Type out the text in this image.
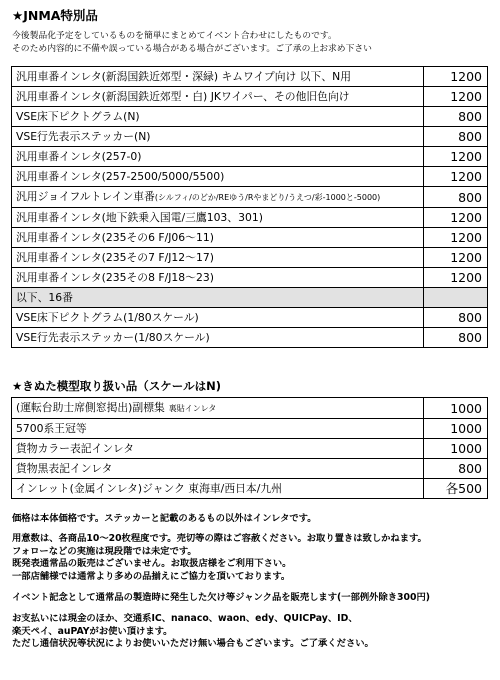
★JNMA特別品
今後製品化予定をしているものを簡単にまとめてイベント合わせにしたものです。
そのため内容的に不備や誤っている場合がある場合がございます。ご了承の上お求め下さい
汎用車番インレタ(新潟国鉄近郊型・深緑) キムワイプ向け 以下、N用	1200
汎用車番インレタ(新潟国鉄近郊型・白) JKワイパー、その他旧色向け	1200
VSE床下ピクトグラム(N)	800
VSE行先表示ステッカー(N)	800
汎用車番インレタ(257-0)	1200
汎用車番インレタ(257-2500/5000/5500)	1200
汎用ジョイフルトレイン車番(シルフィ/のどか/REゆう/Rやまどり/うえつ/彩-1000と-5000)	800
汎用車番インレタ(地下鉄乗入国電/三鷹103、301)	1200
汎用車番インレタ(235その6 F/J06～11)	1200
汎用車番インレタ(235その7 F/J12～17)	1200
汎用車番インレタ(235その8 F/J18～23)	1200
以下、16番	
VSE床下ピクトグラム(1/80スケール)	800
VSE行先表示ステッカー(1/80スケール)	800
★きぬた模型取り扱い品（スケールはN)
(運転台助士席側窓掲出)副標集 裏貼インレタ	1000
5700系王冠等	1000
貨物カラー表記インレタ	1000
貨物黒表記インレタ	800
インレット(金属インレタ)ジャンク 東海車/西日本/九州	各500
価格は本体価格です。ステッカーと記載のあるもの以外はインレタです。
用意数は、各商品10～20枚程度です。売切等の際はご容赦ください。お取り置きは致しかねます。
フォローなどの実施は現段階では未定です。
既発表通常品の販売はございません。お取扱店様をご利用下さい。
一部店舗様では通常より多めの品揃えにご協力を頂いております。
イベント記念として通常品の製造時に発生した欠け等ジャンク品を販売します(一部例外除き300円)
お支払いには現金のほか、交通系IC、nanaco、waon、edy、QUICPay、ID、
楽天ペイ、auPAYがお使い頂けます。
ただし通信状況等状況によりお使いいただけ無い場合もございます。ご了承ください。
